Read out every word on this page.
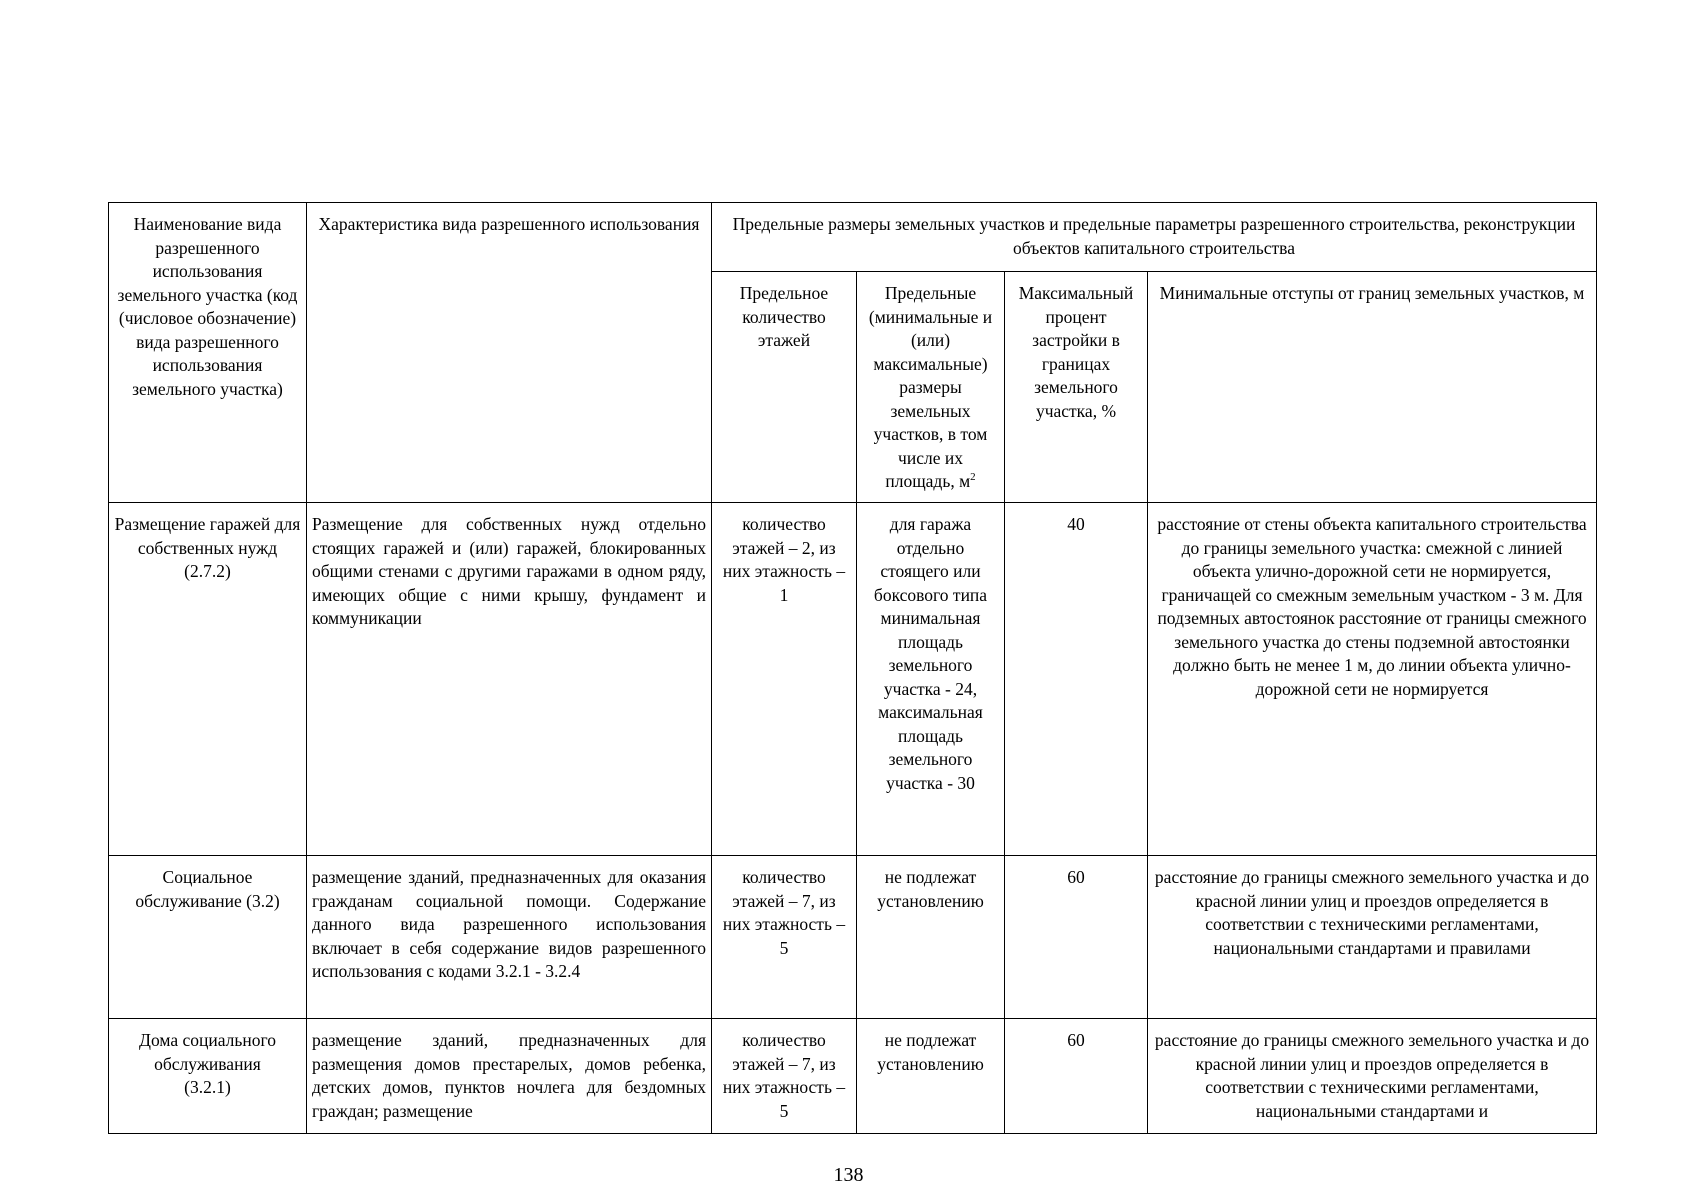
Наименование вида разрешенного использования земельного участка (код (числовое обозначение) вида разрешенного использования земельного участка)	Характеристика вида разрешенного использования	Предельные размеры земельных участков и предельные параметры разрешенного строительства, реконструкции объектов капитального строительства			
		Предельное количество этажей	Предельные (минимальные и (или) максимальные) размеры земельных участков, в том числе их площадь, $м^2$	Максимальный процент застройки в границах земельного участка, %	Минимальные отступы от границ земельных участков, м

Размещение гаражей для собственных нужд
(2.7.2)	Размещение для собственных нужд отдельно стоящих гаражей и (или) гаражей, блокированных общими стенами с другими гаражами в одном ряду, имеющих общие с ними крышу, фундамент и коммуникации	количество этажей – 2, из них этажность – 1	для гаража отдельно стоящего или боксового типа минимальная площадь земельного участка - 24, максимальная площадь земельного участка - 30	40	расстояние от стены объекта капитального строительства до границы земельного участка: смежной с линией объекта улично-дорожной сети не нормируется, граничащей со смежным земельным участком - 3 м. Для подземных автостоянок расстояние от границы смежного земельного участка до стены подземной автостоянки должно быть не менее 1 м, до линии объекта улично-дорожной сети не нормируется

Социальное обслуживание (3.2)	размещение зданий, предназначенных для оказания гражданам социальной помощи. Содержание данного вида разрешенного использования включает в себя содержание видов разрешенного использования с кодами 3.2.1 - 3.2.4	количество этажей – 7, из них этажность – 5	не подлежат установлению	60	расстояние до границы смежного земельного участка и до красной линии улиц и проездов определяется в соответствии с техническими регламентами, национальными стандартами и правилами

Дома социального обслуживания
(3.2.1)	размещение зданий, предназначенных для размещения домов престарелых, домов ребенка, детских домов, пунктов ночлега для бездомных граждан; размещение	количество этажей – 7, из них этажность – 5	не подлежат установлению	60	расстояние до границы смежного земельного участка и до красной линии улиц и проездов определяется в соответствии с техническими регламентами, национальными стандартами и
138
